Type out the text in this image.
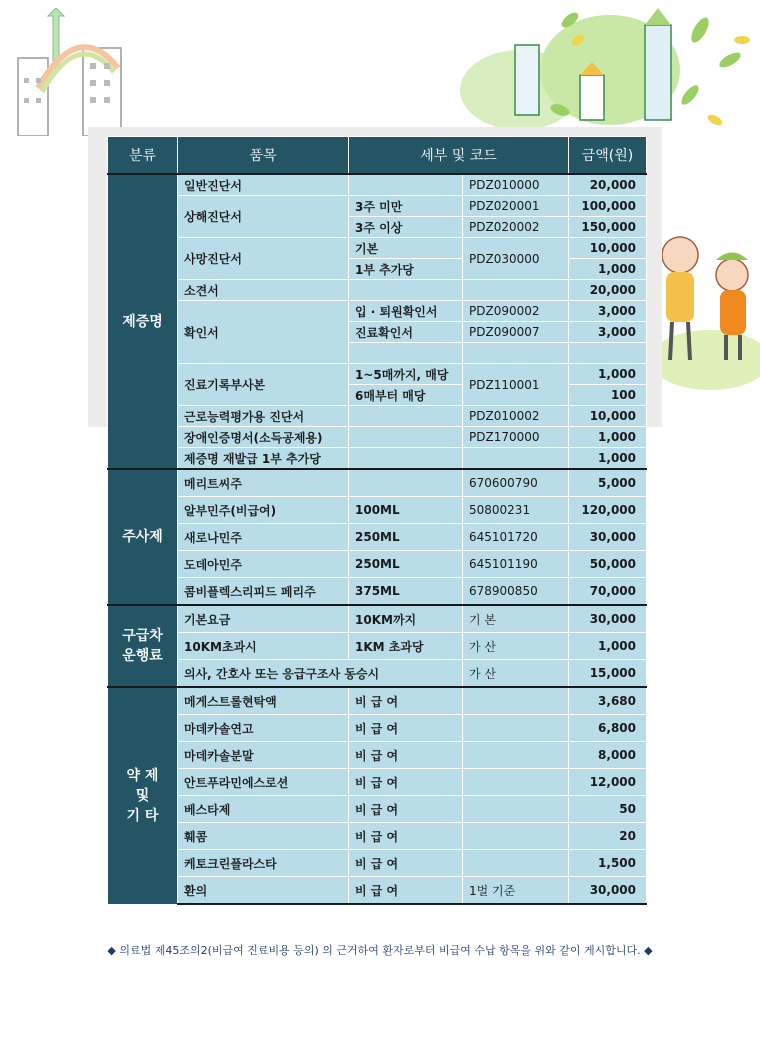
분류	품목	세부 및 코드		금액(원)
제증명	일반진단서		PDZ010000	20,000
	상해진단서	3주 미만	PDZ020001	100,000
		3주 이상	PDZ020002	150,000
	사망진단서	기본	PDZ030000	10,000
		1부 추가당		1,000
	소견서			20,000
	확인서	입 · 퇴원확인서	PDZ090002	3,000
		진료확인서	PDZ090007	3,000

	진료기록부사본	1~5매까지, 매당	PDZ110001	1,000
		6매부터 매당		100
	근로능력평가용 진단서		PDZ010002	10,000
	장애인증명서(소득공제용)		PDZ170000	1,000
	제증명 재발급 1부 추가당			1,000
주사제	메리트씨주		670600790	5,000
	알부민주(비급여)	100ML	50800231	120,000
	새로나민주	250ML	645101720	30,000
	도데아민주	250ML	645101190	50,000
	콤비플렉스리피드 페리주	375ML	678900850	70,000

구급차
운행료	기본요금	10KM까지	기 본	30,000
	10KM초과시	1KM 초과당	가 산	1,000
	의사, 간호사 또는 응급구조사 동승시		가 산	15,000

약 제
및
기 타	메게스트롤현탁액	비 급 여		3,680
	마데카솔연고	비 급 여		6,800
	마데카솔분말	비 급 여		8,000
	안트푸라민에스로션	비 급 여		12,000
	베스타제	비 급 여		50
	훼콤	비 급 여		20
	케토크린플라스타	비 급 여		1,500
	환의	비 급 여	1벌 기준	30,000
◆ 의료법 제45조의2(비급여 진료비용 등의) 의 근거하여 환자로부터 비급여 수납 항목을 위와 같이 게시합니다. ◆
